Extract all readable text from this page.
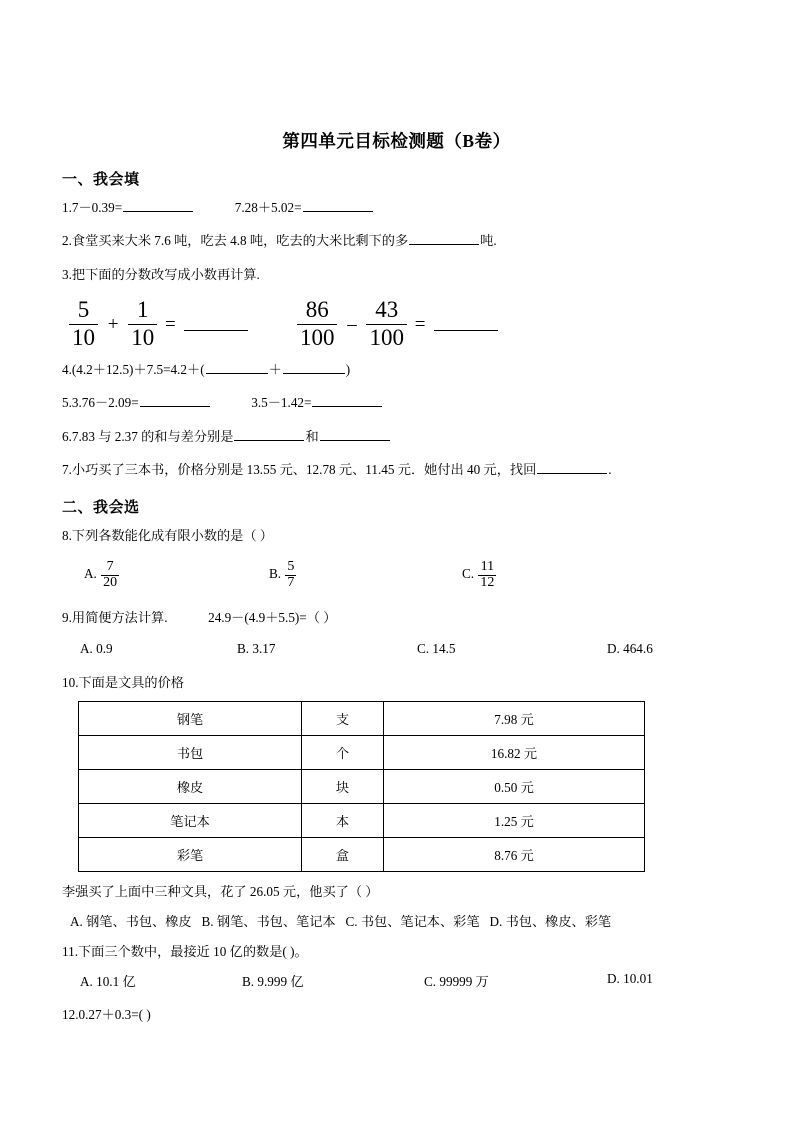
第四单元目标检测题（B卷）
一、我会填
1.7－0.39=	7.28＋5.02=
2.食堂买来大米 7.6 吨，吃去 4.8 吨，吃去的大米比剩下的多	吨.
3.把下面的分数改写成小数再计算.
$\frac{5}{10} + \frac{1}{10}$ =	$\frac{86}{100} - \frac{43}{100}$ =
4.(4.2＋12.5)＋7.5=4.2＋(	＋	)
5.3.76－2.09=	3.5－1.42=
6.7.83 与 2.37 的和与差分别是	和
7.小巧买了三本书，价格分别是 13.55 元、12.78 元、11.45 元．她付出 40 元，找回	.
二、我会选
8.下列各数能化成有限小数的是（ ）
A. $\frac{7}{20}$	B. $\frac{5}{7}$	C. $\frac{11}{12}$
9.用简便方法计算.	24.9－(4.9＋5.5)=（ ）
A. 0.9	B. 3.17	C. 14.5	D. 464.6
10.下面是文具的价格
钢笔	支	7.98 元
书包	个	16.82 元
橡皮	块	0.50 元
笔记本	本	1.25 元
彩笔	盒	8.76 元
李强买了上面中三种文具，花了 26.05 元，他买了（ ）
A. 钢笔、书包、橡皮 B. 钢笔、书包、笔记本 C. 书包、笔记本、彩笔 D. 书包、橡皮、彩笔
11.下面三个数中，最接近 10 亿的数是( )。
A. 10.1 亿	B. 9.999 亿	C. 99999 万	D. 10.01
12.0.27＋0.3=( )
